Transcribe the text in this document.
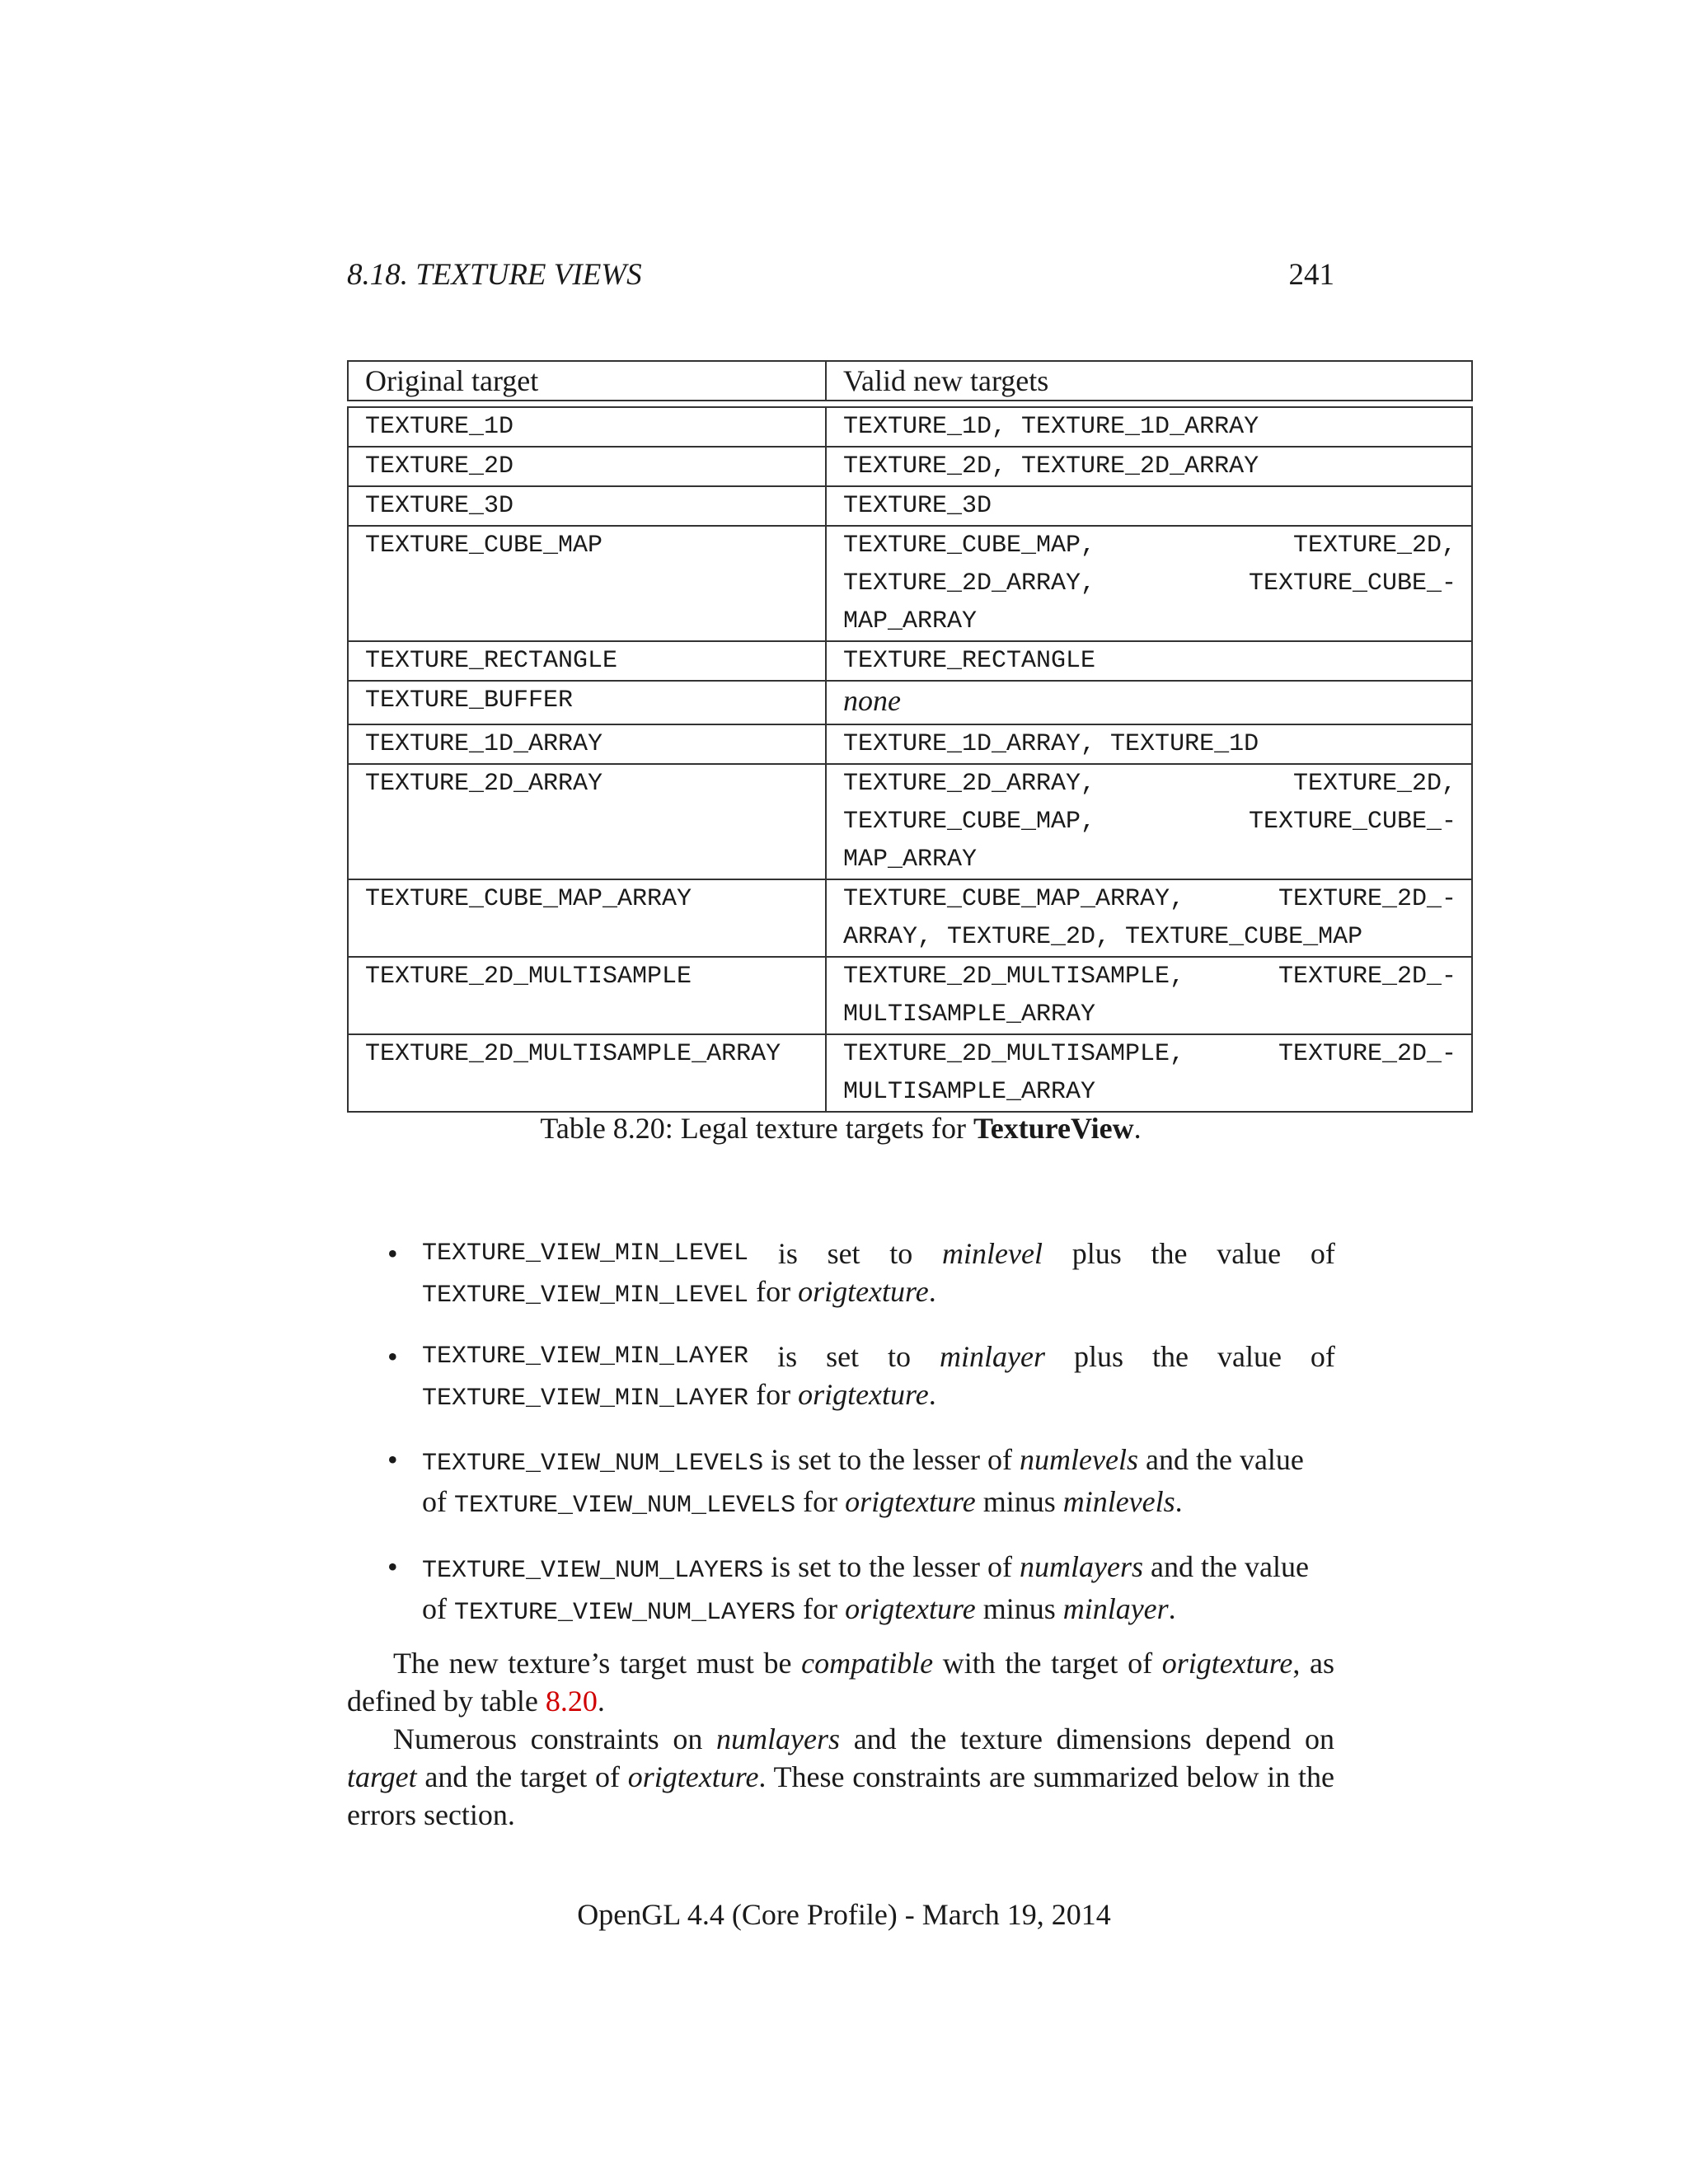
8.18. TEXTURE VIEWS	241
Original target	Valid new targets

TEXTURE_1D	TEXTURE_1D, TEXTURE_1D_ARRAY
TEXTURE_2D	TEXTURE_2D, TEXTURE_2D_ARRAY
TEXTURE_3D	TEXTURE_3D
TEXTURE_CUBE_MAP	TEXTURE_CUBE_MAP, TEXTURE_2D,
TEXTURE_2D_ARRAY, TEXTURE_CUBE_-
MAP_ARRAY

TEXTURE_RECTANGLE	TEXTURE_RECTANGLE
TEXTURE_BUFFER	none
TEXTURE_1D_ARRAY	TEXTURE_1D_ARRAY, TEXTURE_1D
TEXTURE_2D_ARRAY	TEXTURE_2D_ARRAY, TEXTURE_2D,
TEXTURE_CUBE_MAP, TEXTURE_CUBE_-
MAP_ARRAY

TEXTURE_CUBE_MAP_ARRAY	TEXTURE_CUBE_MAP_ARRAY, TEXTURE_2D_-
ARRAY, TEXTURE_2D, TEXTURE_CUBE_MAP

TEXTURE_2D_MULTISAMPLE	TEXTURE_2D_MULTISAMPLE, TEXTURE_2D_-
MULTISAMPLE_ARRAY

TEXTURE_2D_MULTISAMPLE_ARRAY	TEXTURE_2D_MULTISAMPLE, TEXTURE_2D_-
MULTISAMPLE_ARRAY
Table 8.20: Legal texture targets for TextureView.
• TEXTURE_VIEW_MIN_LEVEL is set to minlevel plus the value of
TEXTURE_VIEW_MIN_LEVEL for origtexture.
• TEXTURE_VIEW_MIN_LAYER is set to minlayer plus the value of
TEXTURE_VIEW_MIN_LAYER for origtexture.
• TEXTURE_VIEW_NUM_LEVELS is set to the lesser of numlevels and the value
of TEXTURE_VIEW_NUM_LEVELS for origtexture minus minlevels.
• TEXTURE_VIEW_NUM_LAYERS is set to the lesser of numlayers and the value
of TEXTURE_VIEW_NUM_LAYERS for origtexture minus minlayer.

The new texture’s target must be compatible with the target of origtexture, as defined by table 8.20.

Numerous constraints on numlayers and the texture dimensions depend on target and the target of origtexture. These constraints are summarized below in the errors section.

OpenGL 4.4 (Core Profile) - March 19, 2014
